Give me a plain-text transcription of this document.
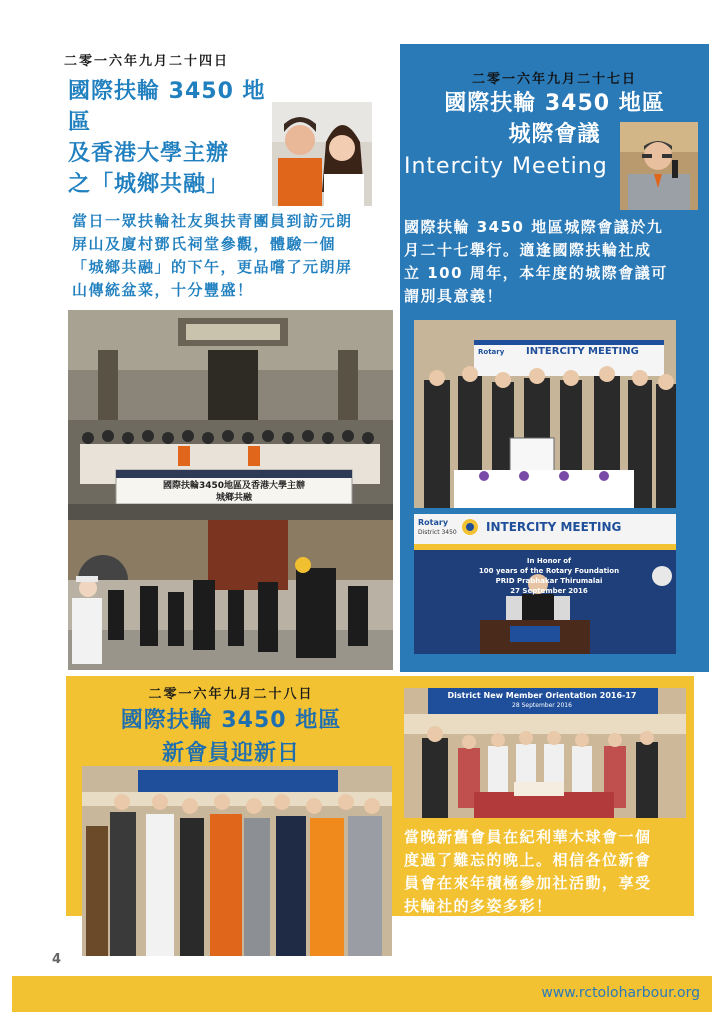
二零一六年九月二十四日
國際扶輪 3450 地區
及香港大學主辦
之「城鄉共融」
當日一眾扶輪社友與扶青團員到訪元朗
屏山及廈村鄧氏祠堂參觀，體驗一個
「城鄉共融」的下午，更品嚐了元朗屏
山傳統盆菜，十分豐盛！
國際扶輪3450地區及香港大學主辦
城鄉共融
二零一六年九月二十七日
國際扶輪 3450 地區
城際會議
Intercity Meeting
國際扶輪 3450 地區城際會議於九
月二十七舉行。適逢國際扶輪社成
立 100 周年，本年度的城際會議可
謂別具意義！
INTERCITY MEETING
Rotary
Rotary
District 3450 INTERCITY MEETING
In Honor of
100 years of the Rotary Foundation
PRID Prabhakar Thirumalai
27 September 2016
二零一六年九月二十八日
國際扶輪 3450 地區
新會員迎新日
District New Member Orientation 2016-17
28 September 2016
當晚新舊會員在紀利華木球會一個
度過了難忘的晚上。相信各位新會
員會在來年積極參加社活動，享受
扶輪社的多姿多彩！
4
www.rctoloharbour.org
